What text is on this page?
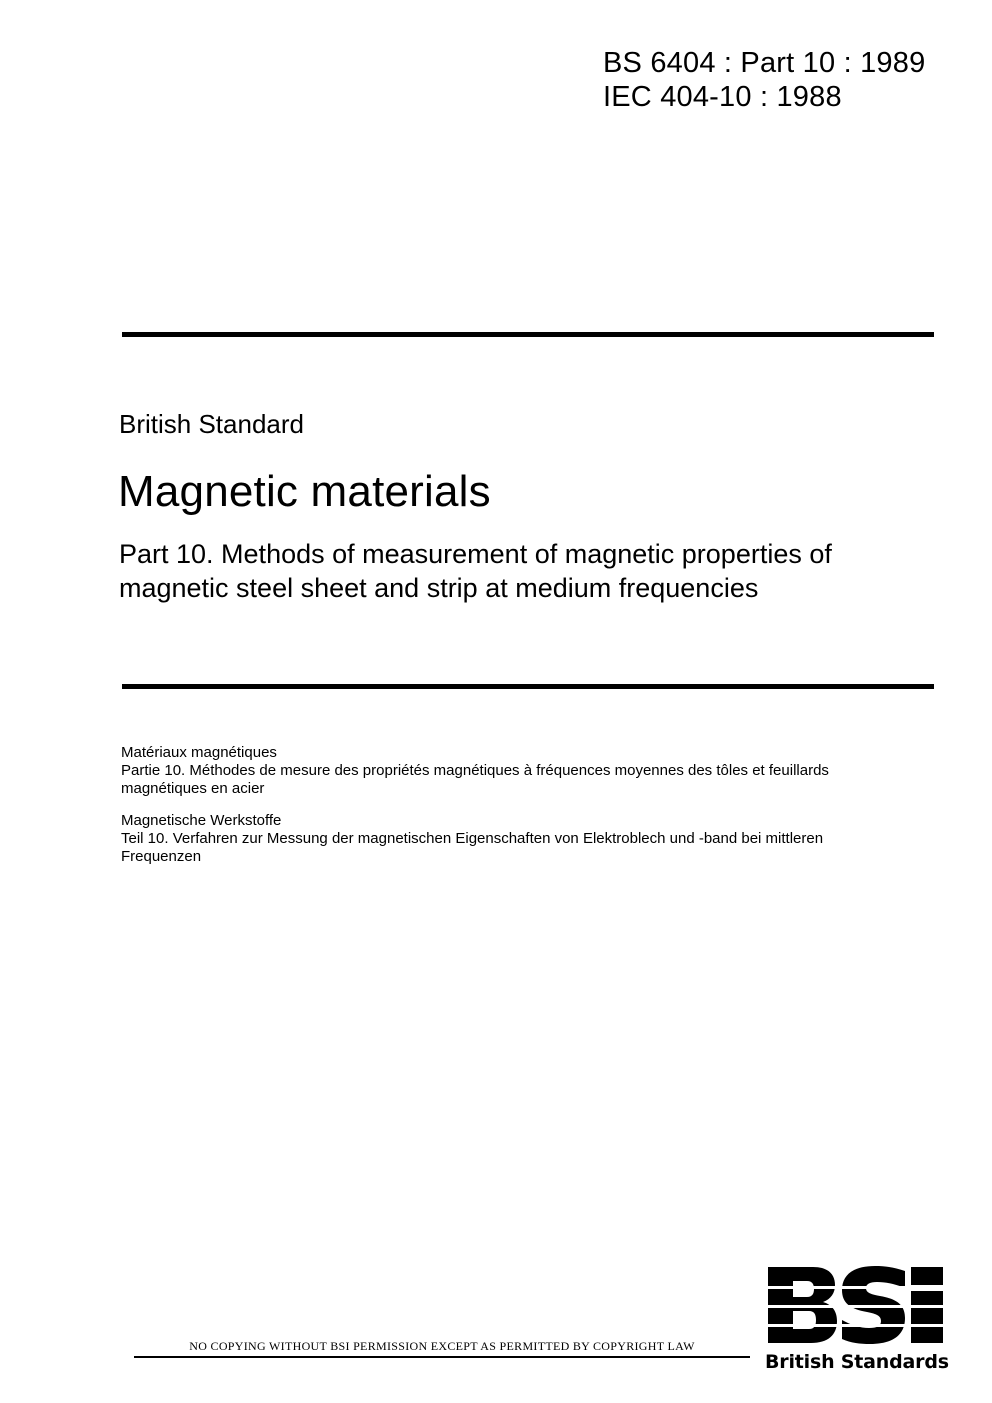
BS 6404 : Part 10 : 1989
IEC 404-10 : 1988
British Standard
Magnetic materials
Part 10. Methods of measurement of magnetic properties of
magnetic steel sheet and strip at medium frequencies
Matériaux magnétiques
Partie 10. Méthodes de mesure des propriétés magnétiques à fréquences moyennes des tôles et feuillards
magnétiques en acier
Magnetische Werkstoffe
Teil 10. Verfahren zur Messung der magnetischen Eigenschaften von Elektroblech und -band bei mittleren
Frequenzen
NO COPYING WITHOUT BSI PERMISSION EXCEPT AS PERMITTED BY COPYRIGHT LAW
British Standards
